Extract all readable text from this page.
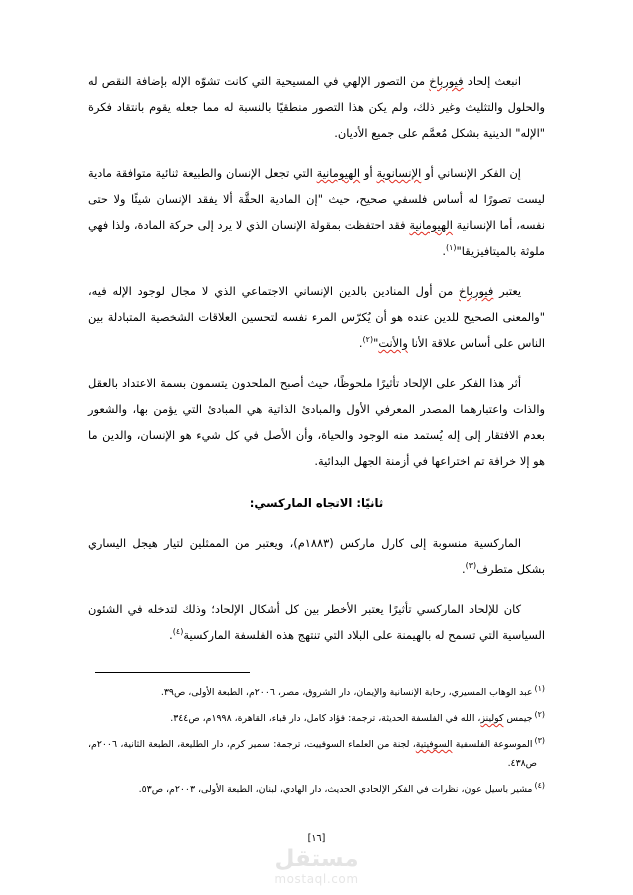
انبعث إلحاد فيورباخ من التصور الإلهي في المسيحية التي كانت تشوّه الإله بإضافة النقص له والحلول والتثليث وغير ذلك، ولم يكن هذا التصور منطقيًا بالنسبة له مما جعله يقوم بانتقاد فكرة "الإله" الدينية بشكل مُعمَّم على جميع الأديان.

إن الفكر الإنساني أو الإنسانوية أو الهيومانية التي تجعل الإنسان والطبيعة ثنائية متوافقة مادية ليست تصورًا له أساس فلسفي صحيح، حيث "إن المادية الحقَّة ألا يفقد الإنسان شيئًا ولا حتى نفسه، أما الإنسانية الهيومانية فقد احتفظت بمقولة الإنسان الذي لا يرد إلى حركة المادة، ولذا فهي ملوثة بالميتافيزيقا"$^{(١)}$.

يعتبر فيورباخ من أول المنادين بالدين الإنساني الاجتماعي الذي لا مجال لوجود الإله فيه، "والمعنى الصحيح للدين عنده هو أن يُكرّس المرء نفسه لتحسين العلاقات الشخصية المتبادلة بين الناس على أساس علاقة الأنا والأنت"$^{(٢)}$.

أثر هذا الفكر على الإلحاد تأثيرًا ملحوظًا، حيث أصبح الملحدون يتسمون بسمة الاعتداد بالعقل والذات واعتبارهما المصدر المعرفي الأول والمبادئ الذاتية هي المبادئ التي يؤمن بها، والشعور بعدم الافتقار إلى إله يُستمد منه الوجود والحياة، وأن الأصل في كل شيء هو الإنسان، والدين ما هو إلا خرافة تم اختراعها في أزمنة الجهل البدائية.

ثانيًا: الاتجاه الماركسي:

الماركسية منسوبة إلى كارل ماركس (١٨٨٣م)، ويعتبر من الممثلين لتيار هيجل اليساري بشكل متطرف$^{(٣)}$.

كان للإلحاد الماركسي تأثيرًا يعتبر الأخطر بين كل أشكال الإلحاد؛ وذلك لتدخله في الشئون السياسية التي تسمح له بالهيمنة على البلاد التي تنتهج هذه الفلسفة الماركسية$^{(٤)}$.

(١)عبد الوهاب المسيري، رحابة الإنسانية والإيمان، دار الشروق، مصر، ٢٠٠٦م، الطبعة الأولى، ص٣٩.

(٢)جيمس كولينز، الله في الفلسفة الحديثة، ترجمة: فؤاد كامل، دار قباء، القاهرة، ١٩٩٨م، ص٣٤٤.

(٣)الموسوعة الفلسفية السوفيتية، لجنة من العلماء السوفييت، ترجمة: سمير كرم، دار الطليعة، الطبعة الثانية، ٢٠٠٦م، ص٤٣٨.

(٤)مشير باسيل عون، نظرات في الفكر الإلحادي الحديث، دار الهادي، لبنان، الطبعة الأولى، ٢٠٠٣م، ص٥٣.

[١٦]
مستقل
mostaql.com
